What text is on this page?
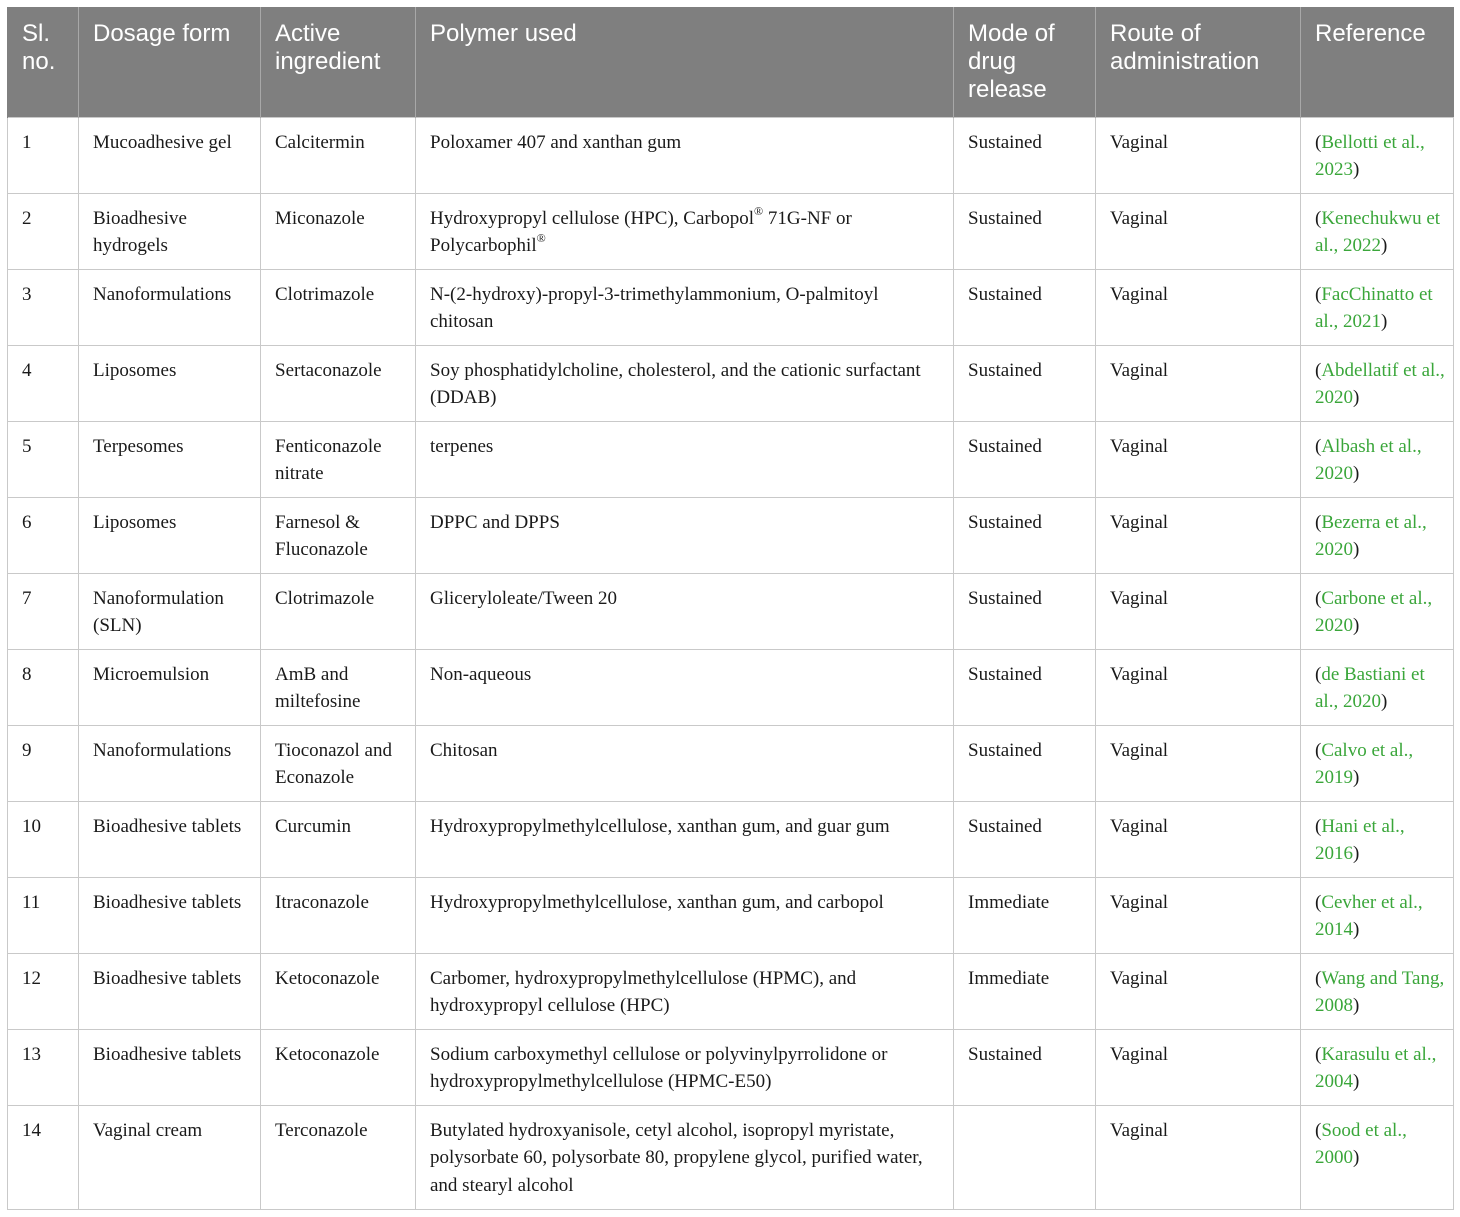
Sl. no.	Dosage form	Active ingredient	Polymer used	Mode of drug release	Route of administration	Reference
1	Mucoadhesive gel	Calcitermin	Poloxamer 407 and xanthan gum	Sustained	Vaginal	(Bellotti et al., 2023)
2	Bioadhesive hydrogels	Miconazole	Hydroxypropyl cellulose (HPC), Carbopol® 71G-NF or Polycarbophil®	Sustained	Vaginal	(Kenechukwu et al., 2022)
3	Nanoformulations	Clotrimazole	N-(2-hydroxy)-propyl-3-trimethylammonium, O-palmitoyl chitosan	Sustained	Vaginal	(FacChinatto et al., 2021)
4	Liposomes	Sertaconazole	Soy phosphatidylcholine, cholesterol, and the cationic surfactant (DDAB)	Sustained	Vaginal	(Abdellatif et al., 2020)
5	Terpesomes	Fenticonazole nitrate	terpenes	Sustained	Vaginal	(Albash et al., 2020)
6	Liposomes	Farnesol & Fluconazole	DPPC and DPPS	Sustained	Vaginal	(Bezerra et al., 2020)
7	Nanoformulation (SLN)	Clotrimazole	Gliceryloleate/Tween 20	Sustained	Vaginal	(Carbone et al., 2020)
8	Microemulsion	AmB and miltefosine	Non-aqueous	Sustained	Vaginal	(de Bastiani et al., 2020)
9	Nanoformulations	Tioconazol and Econazole	Chitosan	Sustained	Vaginal	(Calvo et al., 2019)
10	Bioadhesive tablets	Curcumin	Hydroxypropylmethylcellulose, xanthan gum, and guar gum	Sustained	Vaginal	(Hani et al., 2016)
11	Bioadhesive tablets	Itraconazole	Hydroxypropylmethylcellulose, xanthan gum, and carbopol	Immediate	Vaginal	(Cevher et al., 2014)
12	Bioadhesive tablets	Ketoconazole	Carbomer, hydroxypropylmethylcellulose (HPMC), and hydroxypropyl cellulose (HPC)	Immediate	Vaginal	(Wang and Tang, 2008)
13	Bioadhesive tablets	Ketoconazole	Sodium carboxymethyl cellulose or polyvinylpyrrolidone or hydroxypropylmethylcellulose (HPMC-E50)	Sustained	Vaginal	(Karasulu et al., 2004)
14	Vaginal cream	Terconazole	Butylated hydroxyanisole, cetyl alcohol, isopropyl myristate, polysorbate 60, polysorbate 80, propylene glycol, purified water, and stearyl alcohol		Vaginal	(Sood et al., 2000)
